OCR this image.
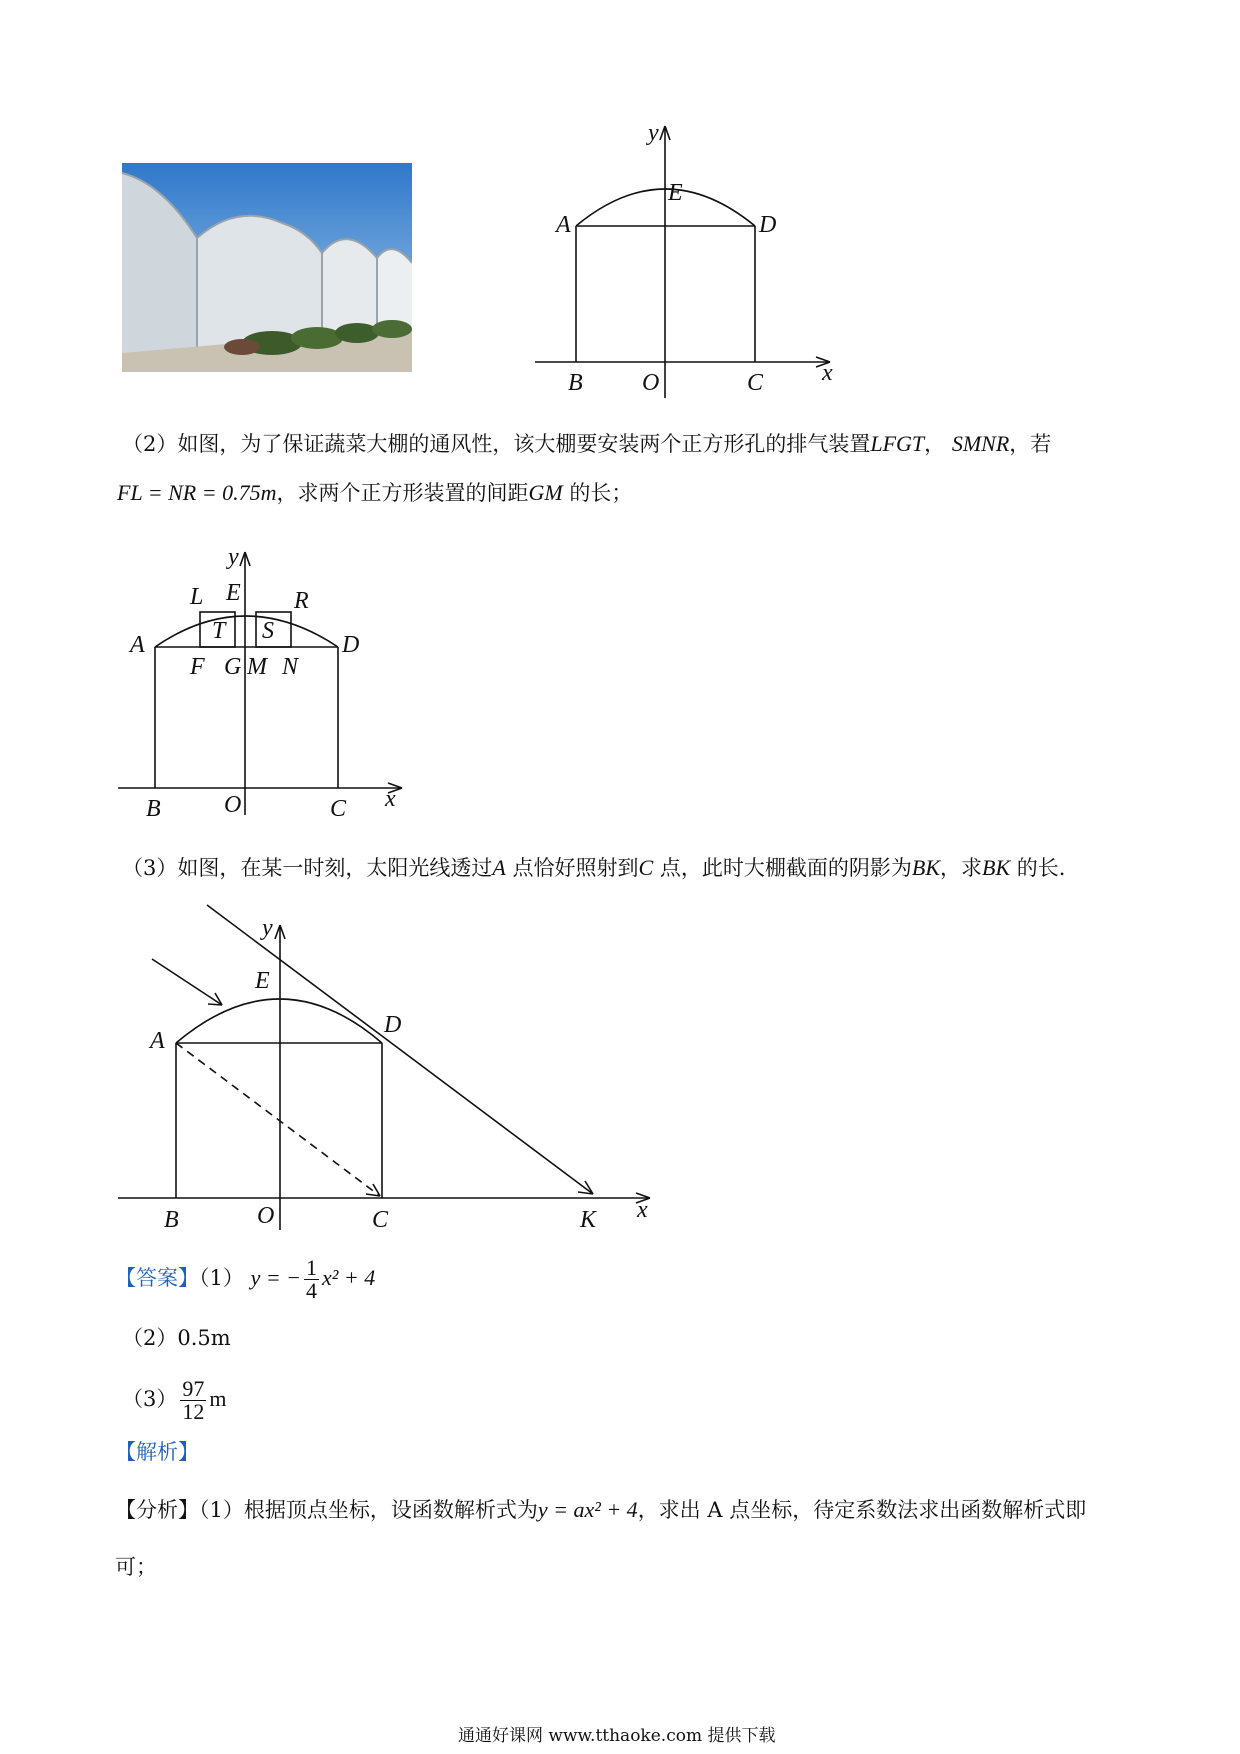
y
E
A	D
B O	C x
（2）如图，为了保证蔬菜大棚的通风性，该大棚要安装两个正方形孔的排气装置LFGT， SMNR，若
FL = NR = 0.75m，求两个正方形装置的间距GM 的长；
y
L E R
T S
A	D
F G M N
B	O	C x
（3）如图，在某一时刻，太阳光线透过A 点恰好照射到C 点，此时大棚截面的阴影为BK，求BK 的长.
y
E
A
D
B	O	C	K x
【答案】（1） y = − $\frac{1}{4} x^2 + 4$
（2）0.5m
$(3) \frac{97}{12}$ m
【解析】
【分析】（1）根据顶点坐标，设函数解析式为y = ax² + 4，求出 A 点坐标，待定系数法求出函数解析式即
可；
通通好课网 www.tthaoke.com 提供下载
